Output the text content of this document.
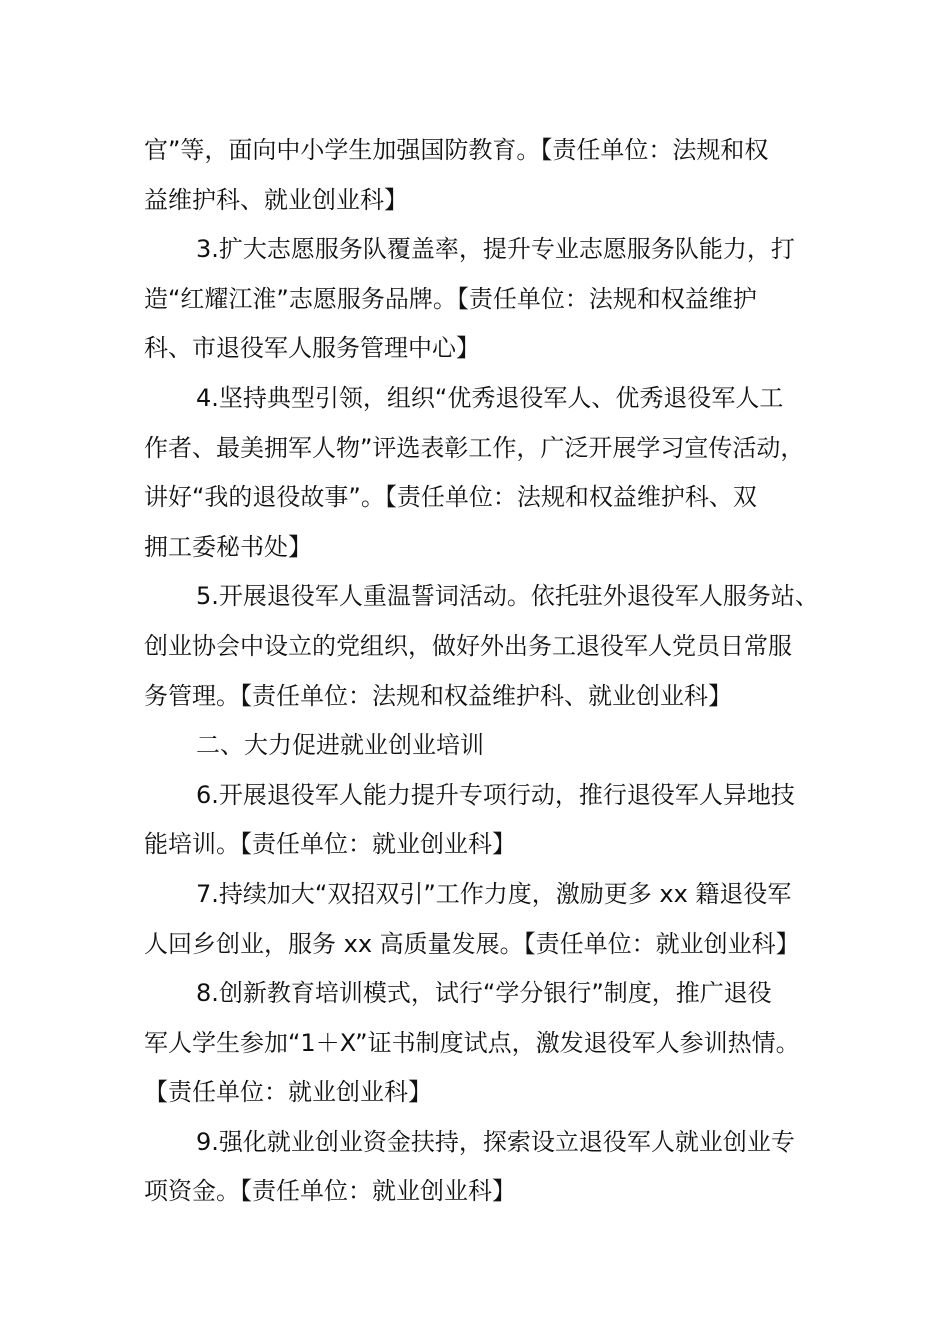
官”等，面向中小学生加强国防教育。【责任单位：法规和权
益维护科、就业创业科】
3.扩大志愿服务队覆盖率，提升专业志愿服务队能力，打
造“红耀江淮”志愿服务品牌。【责任单位：法规和权益维护
科、市退役军人服务管理中心】
4.坚持典型引领，组织“优秀退役军人、优秀退役军人工
作者、最美拥军人物”评选表彰工作，广泛开展学习宣传活动，
讲好“我的退役故事”。【责任单位：法规和权益维护科、双
拥工委秘书处】
5.开展退役军人重温誓词活动。依托驻外退役军人服务站、
创业协会中设立的党组织，做好外出务工退役军人党员日常服
务管理。【责任单位：法规和权益维护科、就业创业科】
二、大力促进就业创业培训
6.开展退役军人能力提升专项行动，推行退役军人异地技
能培训。【责任单位：就业创业科】
7.持续加大“双招双引”工作力度，激励更多 xx 籍退役军
人回乡创业，服务 xx 高质量发展。【责任单位：就业创业科】
8.创新教育培训模式，试行“学分银行”制度，推广退役
军人学生参加“1＋X”证书制度试点，激发退役军人参训热情。
【责任单位：就业创业科】
9.强化就业创业资金扶持，探索设立退役军人就业创业专
项资金。【责任单位：就业创业科】
